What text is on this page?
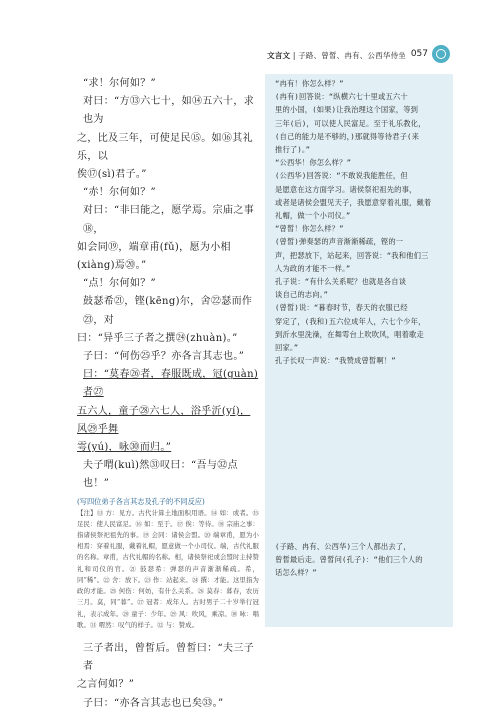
文言文 | 子路、曾皙、冉有、公西华侍坐 057

“求！尔何如？”

对曰：“方⑬六七十，如⑭五六十，求也为

之，比及三年，可使足民⑮。如⑯其礼乐，以

俟⑰(sì)君子。”

“赤！尔何如？”

对曰：“非曰能之，愿学焉。宗庙之事⑱，

如会同⑲，端章甫(fǔ)，愿为小相(xiàng)焉⑳。”

“点！尔何如？”

鼓瑟希㉑，铿(kēng)尔，舍㉒瑟而作㉓，对

曰：“异乎三子者之撰㉔(zhuàn)。”

子曰：“何伤㉕乎？亦各言其志也。”

曰：“莫春㉖者，春服既成，冠(guàn)者㉗

五六人，童子㉘六七人，浴乎沂(yí)，风㉙乎舞

雩(yú)，咏㉚而归。”

夫子喟(kuì)然㉛叹曰：“吾与㉜点也！”

(写四位弟子各言其志及孔子的不同反应)

【注】⑬ 方：见方。古代计算土地面积用语。⑭ 如：或者。⑮ 足民：使人民富足。⑯ 如：至于。⑰ 俟：等待。⑱ 宗庙之事：指诸侯祭祀祖先的事。⑲ 会同：诸侯会盟。⑳ 端章甫，愿为小相焉：穿着礼服，戴着礼帽，愿意做一个小司仪。端，古代礼服的名称。章甫，古代礼帽的名称。相，诸侯祭祀或会盟时主持赞礼和司仪的官。㉑ 鼓瑟希：弹瑟的声音渐渐稀疏。希，同“稀”。㉒ 舍：放下。㉓ 作：站起来。㉔ 撰：才能。这里指为政的才能。㉕ 何伤：何妨，有什么关系。㉖ 莫春：暮春，农历三月。莫，同“暮”。㉗ 冠者：成年人。古时男子二十岁举行冠礼，表示成年。㉘ 童子：少年。㉙ 风：吹风，乘凉。㉚ 咏：唱歌。㉛ 喟然：叹气的样子。㉜ 与：赞成。

三子者出，曾皙后。曾皙曰：“夫三子者

之言何如？”

子曰：“亦各言其志也已矣㉝。”

“冉有！你怎么样？”

(冉有)回答说：“纵横六七十里或五六十

里的小国，(如果)让我治理这个国家，等到

三年(后)，可以使人民富足。至于礼乐教化，

(自己的能力是不够的，)那就得等待君子(来

推行了)。”

“公西华！你怎么样？”

(公西华)回答说：“不敢说我能胜任，但

是愿意在这方面学习。诸侯祭祀祖先的事，

或者是诸侯会盟见天子，我愿意穿着礼服，戴着

礼帽，做一个小司仪。”

“曾皙！你怎么样？”

(曾皙)弹奏瑟的声音渐渐稀疏，铿的一

声，把瑟放下，站起来，回答说：“我和他们三

人为政的才能不一样。”

孔子说：“有什么关系呢？也就是各自谈

谈自己的志向。”

(曾皙)说：“暮春时节，春天的衣服已经

穿定了，(我和)五六位成年人，六七个少年，

到沂水里洗澡，在舞雩台上吹吹风，唱着歌走

回家。”

孔子长叹一声说：“我赞成曾皙啊！”

(子路、冉有、公西华)三个人都出去了，

曾皙最后走。曾皙问(孔子)：“他们三个人的

话怎么样？”
